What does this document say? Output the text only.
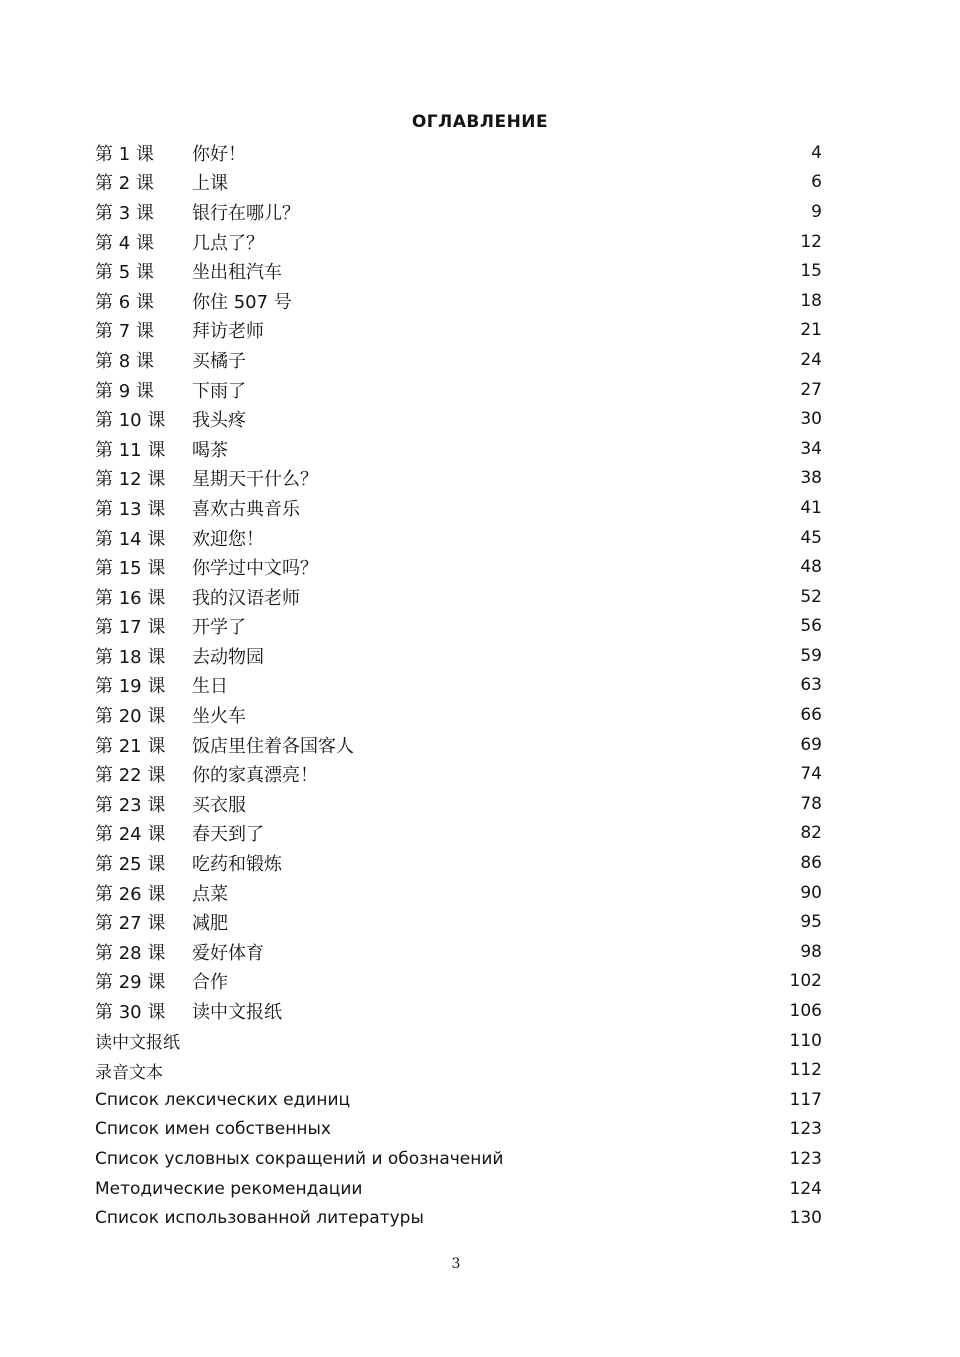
ОГЛАВЛЕНИЕ
第 1 课	你好！	4
第 2 课	上课	6
第 3 课	银行在哪儿？	9
第 4 课	几点了？	12
第 5 课	坐出租汽车	15
第 6 课	你住 507 号	18
第 7 课	拜访老师	21
第 8 课	买橘子	24
第 9 课	下雨了	27
第 10 课	我头疼	30
第 11 课	喝茶	34
第 12 课	星期天干什么？	38
第 13 课	喜欢古典音乐	41
第 14 课	欢迎您！	45
第 15 课	你学过中文吗？	48
第 16 课	我的汉语老师	52
第 17 课	开学了	56
第 18 课	去动物园	59
第 19 课	生日	63
第 20 课	坐火车	66
第 21 课	饭店里住着各国客人	69
第 22 课	你的家真漂亮！	74
第 23 课	买衣服	78
第 24 课	春天到了	82
第 25 课	吃药和锻炼	86
第 26 课	点菜	90
第 27 课	减肥	95
第 28 课	爱好体育	98
第 29 课	合作	102
第 30 课	读中文报纸	106
读中文报纸	110
录音文本	112
Список лексических единиц	117
Список имен собственных	123
Список условных сокращений и обозначений	123
Методические рекомендации	124
Список использованной литературы	130
3
